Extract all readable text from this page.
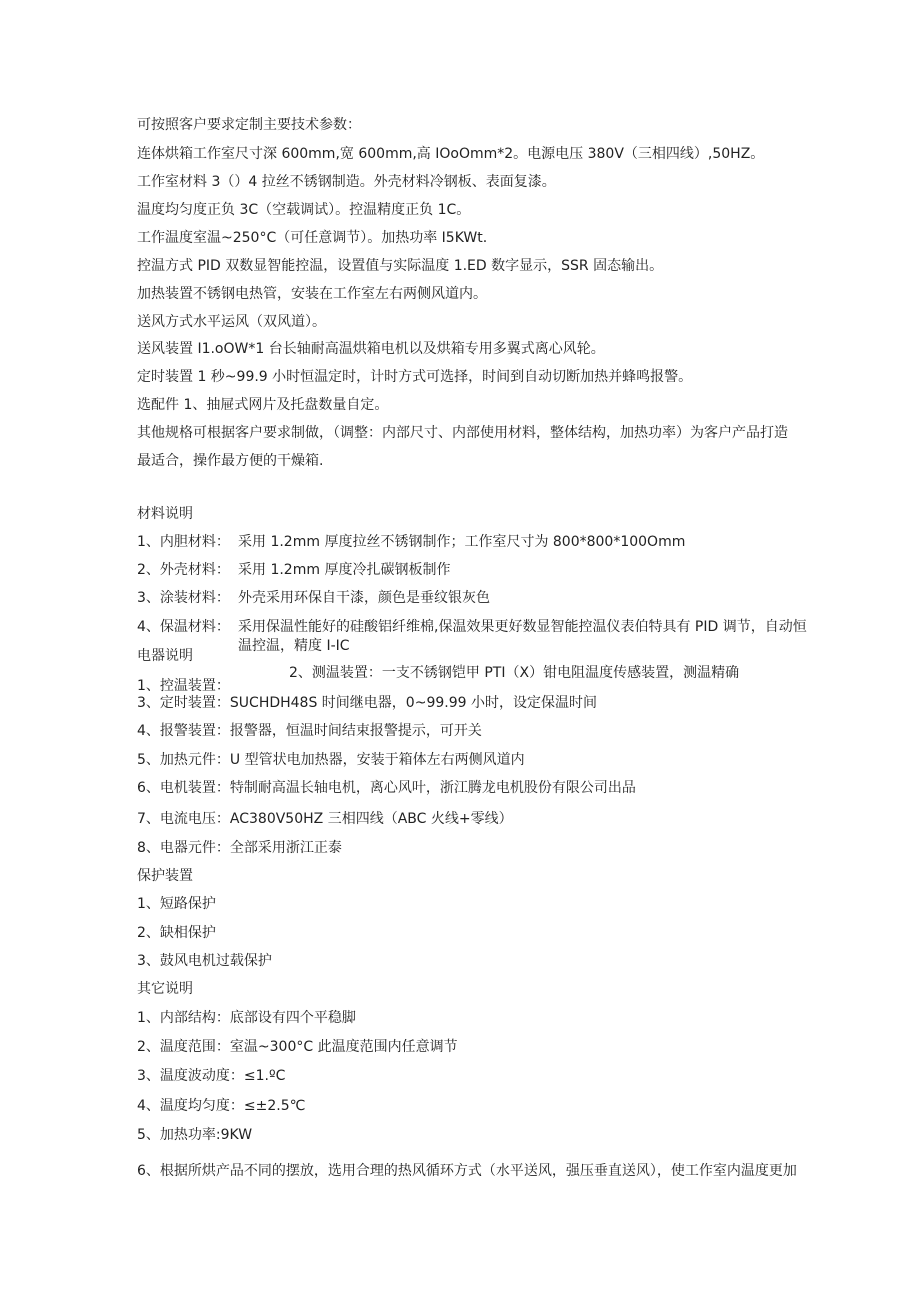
可按照客户要求定制主要技术参数：
连体烘箱工作室尺寸深 600mm,宽 600mm,高 IOoOmm*2。电源电压 380V（三相四线）,50HZ。
工作室材料 3（）4 拉丝不锈钢制造。外壳材料冷钢板、表面复漆。
温度均匀度正负 3C（空载调试）。控温精度正负 1C。
工作温度室温~250°C（可任意调节）。加热功率 I5KWt.
控温方式 PID 双数显智能控温，设置值与实际温度 1.ED 数字显示，SSR 固态输出。
加热装置不锈钢电热管，安装在工作室左右两侧风道内。
送风方式水平运风（双风道）。
送风装置 I1.oOW*1 台长轴耐高温烘箱电机以及烘箱专用多翼式离心风轮。
定时装置 1 秒~99.9 小时恒温定时，计时方式可选择，时间到自动切断加热并蜂鸣报警。
选配件 1、抽屉式网片及托盘数量自定。
其他规格可根据客户要求制做，（调整：内部尺寸、内部使用材料，整体结构，加热功率）为客户产品打造
最适合，操作最方便的干燥箱.
材料说明
1、内胆材料： 采用 1.2mm 厚度拉丝不锈钢制作；工作室尺寸为 800*800*100Omm
2、外壳材料： 采用 1.2mm 厚度冷扎碳钢板制作
3、涂装材料： 外壳采用环保自干漆，颜色是垂纹银灰色
4、保温材料： 采用保温性能好的硅酸铝纤维棉,保温效果更好数显智能控温仪表伯特具有 PID 调节，自动恒
温控温，精度 I-IC
电器说明
2、测温装置：一支不锈钢铠甲 PTI（X）钳电阻温度传感装置，测温精确
1、控温装置：
3、定时装置：SUCHDH48S 时间继电器，0~99.99 小时，设定保温时间
4、报警装置：报警器，恒温时间结束报警提示，可开关
5、加热元件：U 型管状电加热器，安装于箱体左右两侧风道内
6、电机装置：特制耐高温长轴电机，离心风叶，浙江腾龙电机股份有限公司出品
7、电流电压：AC380V50HZ 三相四线（ABC 火线+零线）
8、电器元件：全部采用浙江正泰
保护装置
1、短路保护
2、缺相保护
3、鼓风电机过载保护
其它说明
1、内部结构：底部设有四个平稳脚
2、温度范围：室温~300°C 此温度范围内任意调节
3、温度波动度：≤1.ºC
4、温度均匀度：≤±2.5℃
5、加热功率:9KW
6、根据所烘产品不同的摆放，选用合理的热风循环方式（水平送风，强压垂直送风），使工作室内温度更加
